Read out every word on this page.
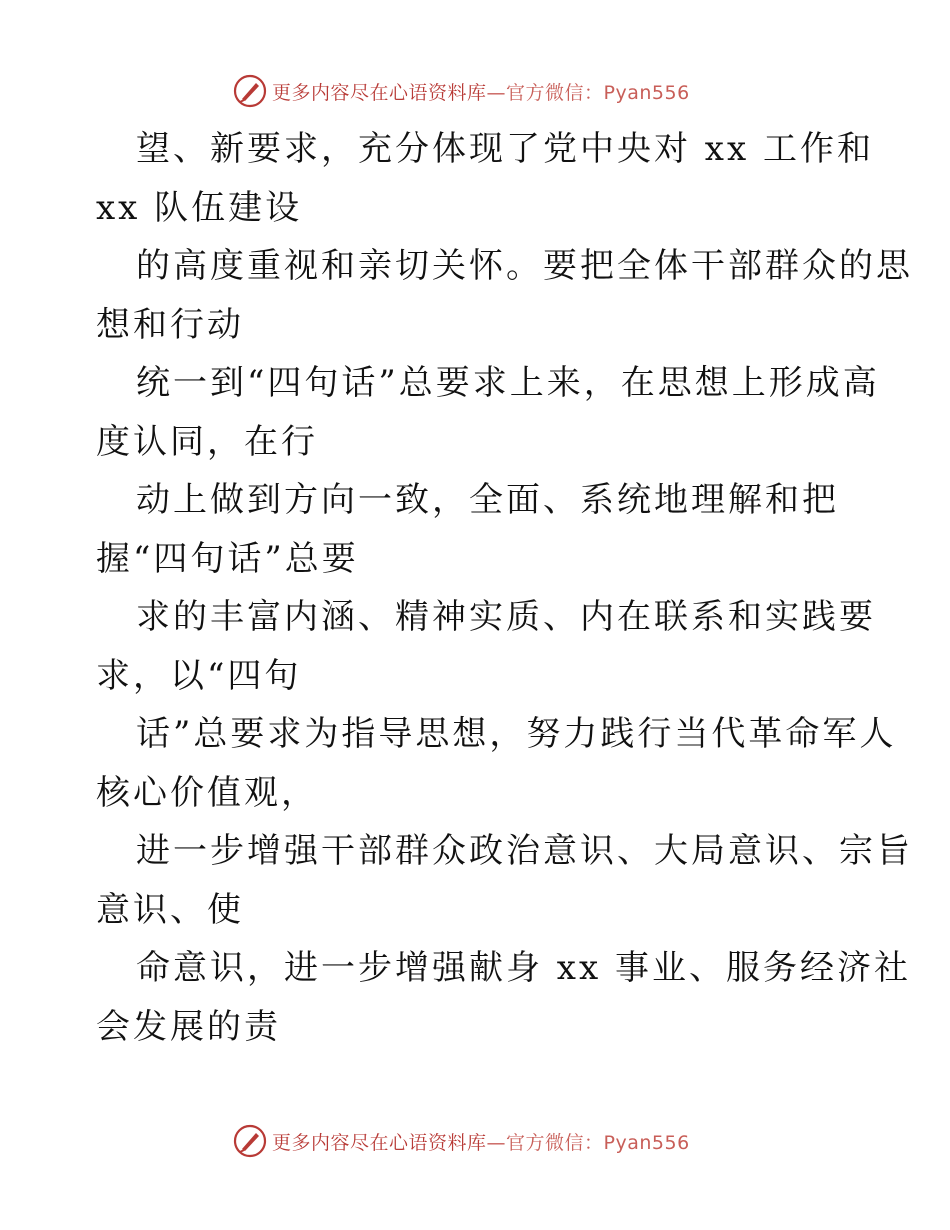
更多内容尽在心语资料库—官方微信：Pyan556
望、新要求，充分体现了党中央对 xx 工作和
xx 队伍建设
的高度重视和亲切关怀。要把全体干部群众的思
想和行动
统一到“四句话”总要求上来，在思想上形成高
度认同，在行
动上做到方向一致，全面、系统地理解和把
握“四句话”总要
求的丰富内涵、精神实质、内在联系和实践要
求，以“四句
话”总要求为指导思想，努力践行当代革命军人
核心价值观，
进一步增强干部群众政治意识、大局意识、宗旨
意识、使
命意识，进一步增强献身 xx 事业、服务经济社
会发展的责
更多内容尽在心语资料库—官方微信：Pyan556
